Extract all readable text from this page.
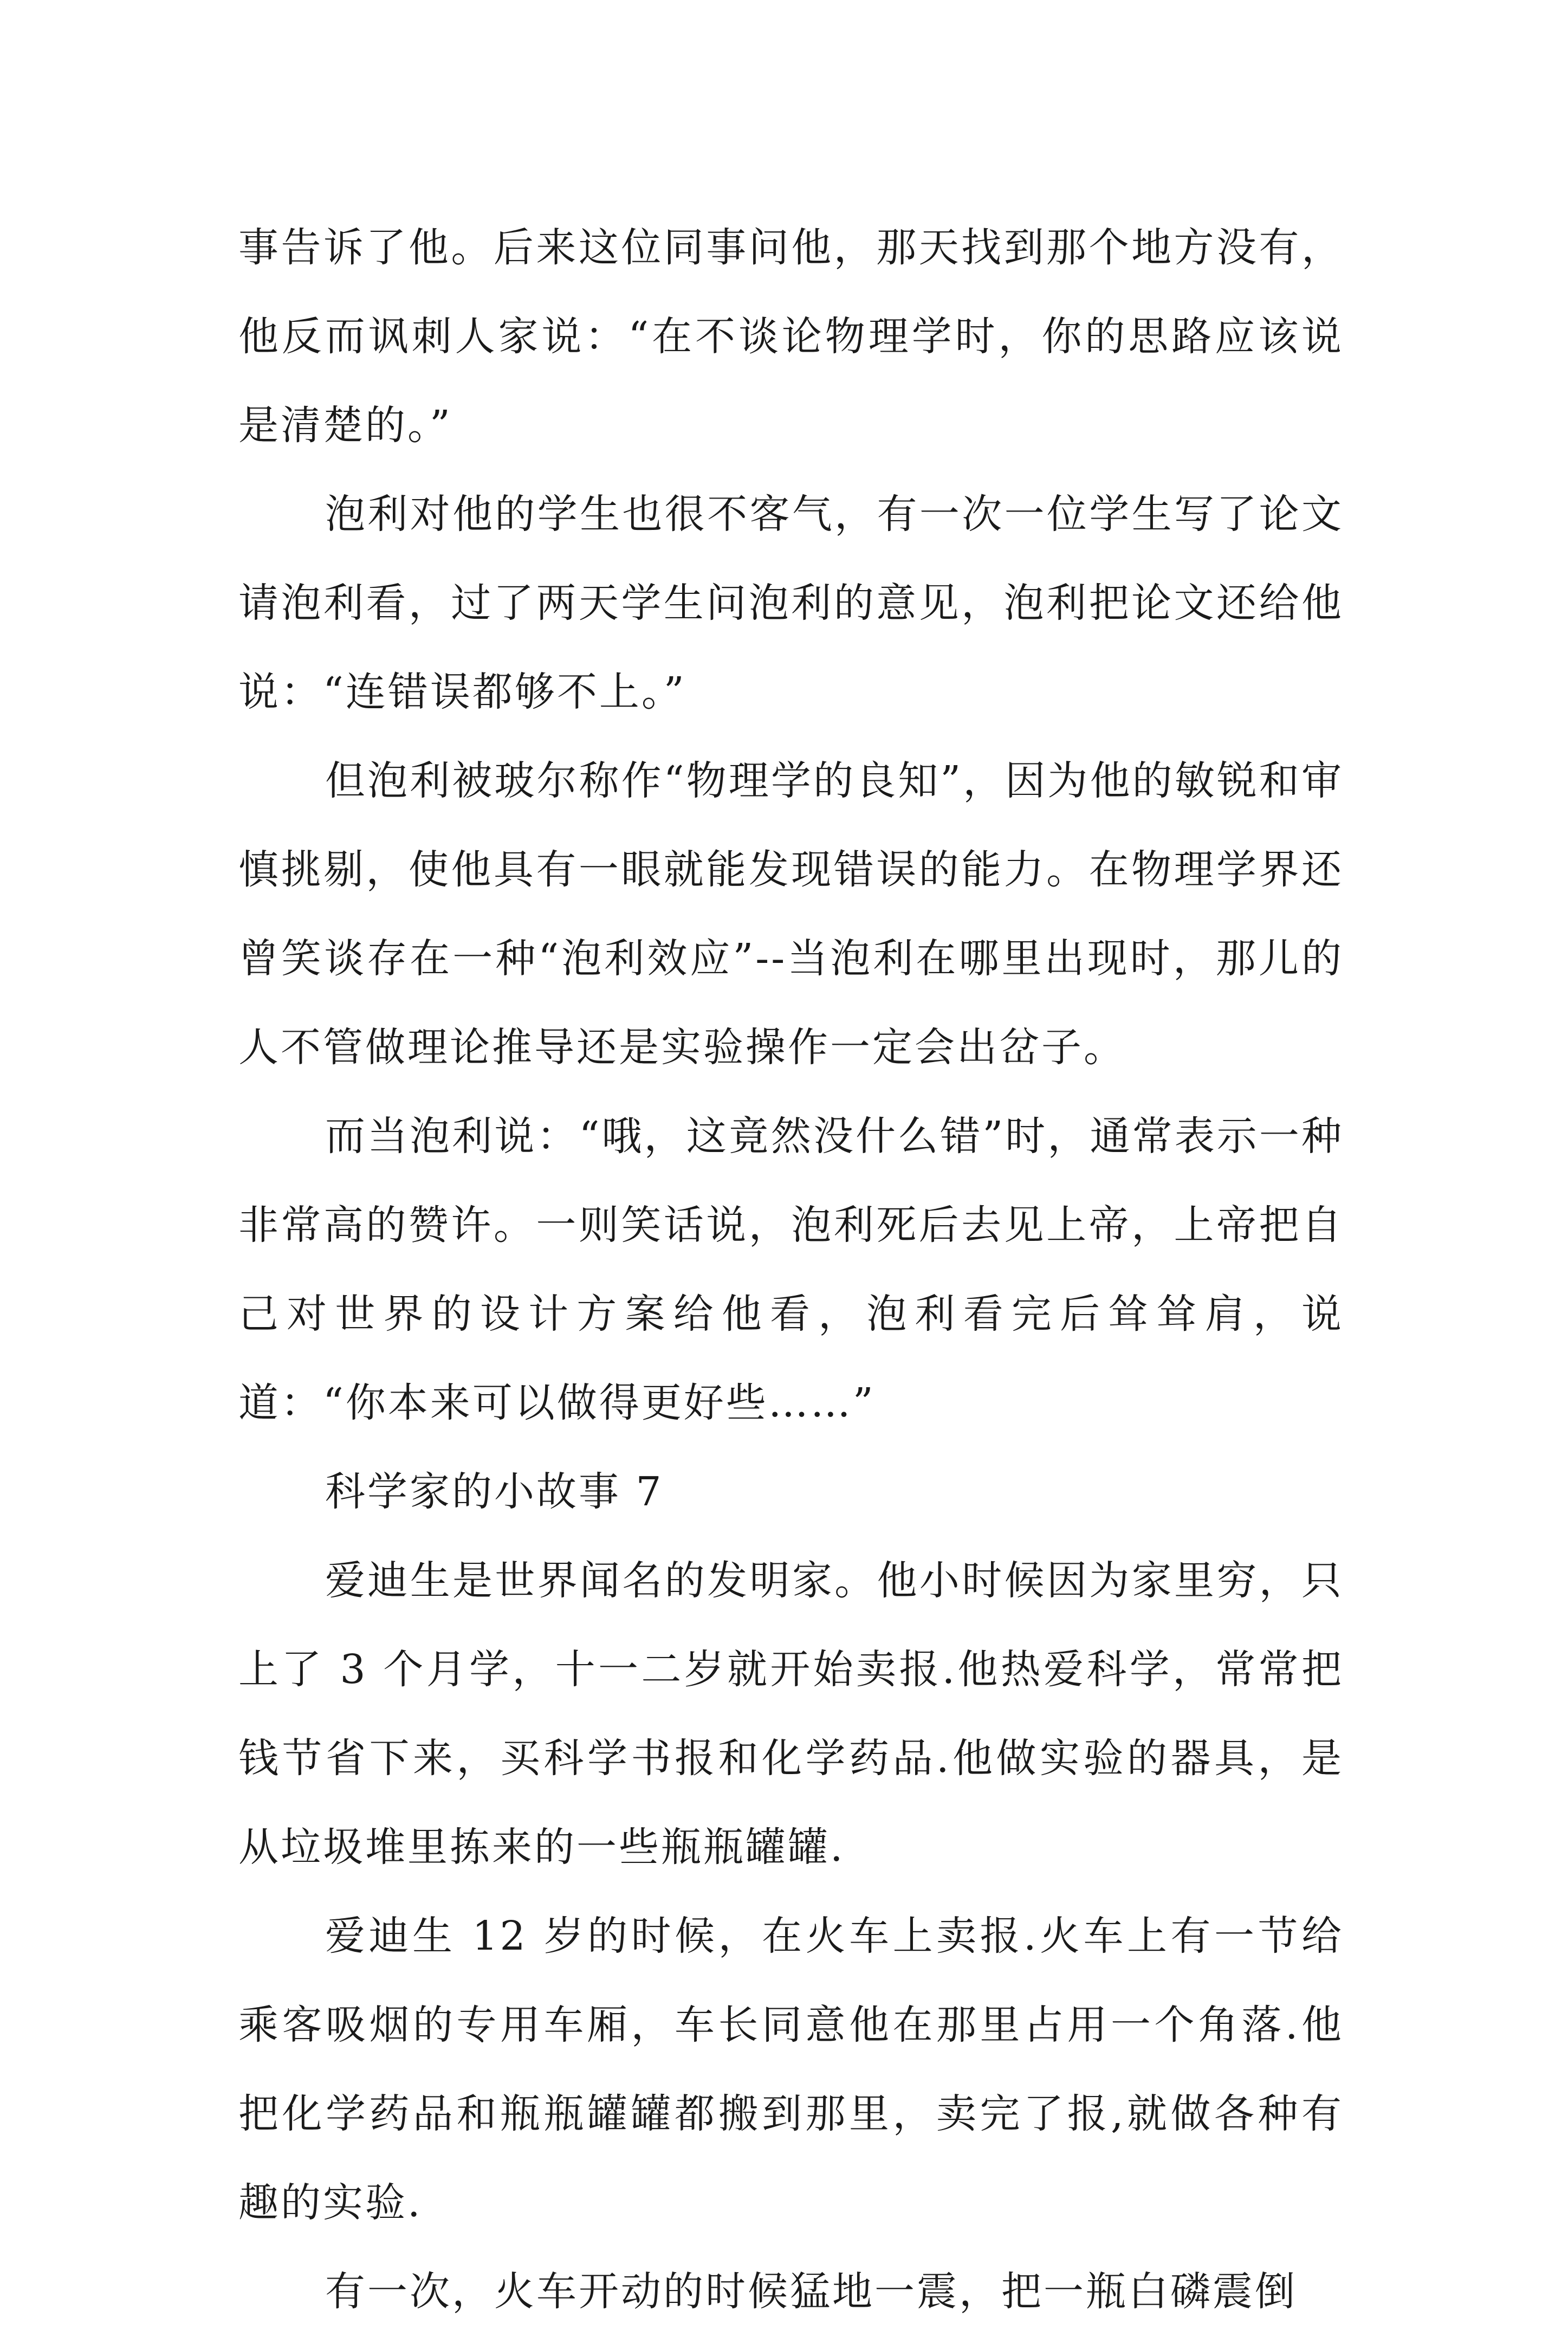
事告诉了他。后来这位同事问他，那天找到那个地方没有，他反而讽刺人家说：“在不谈论物理学时，你的思路应该说是清楚的。”

泡利对他的学生也很不客气，有一次一位学生写了论文请泡利看，过了两天学生问泡利的意见，泡利把论文还给他说：“连错误都够不上。”

但泡利被玻尔称作“物理学的良知”，因为他的敏锐和审慎挑剔，使他具有一眼就能发现错误的能力。在物理学界还曾笑谈存在一种“泡利效应”--当泡利在哪里出现时，那儿的人不管做理论推导还是实验操作一定会出岔子。

而当泡利说：“哦，这竟然没什么错”时，通常表示一种非常高的赞许。一则笑话说，泡利死后去见上帝，上帝把自己对世界的设计方案给他看，泡利看完后耸耸肩，说道：“你本来可以做得更好些……”

科学家的小故事 7

爱迪生是世界闻名的发明家。他小时候因为家里穷，只上了 3 个月学，十一二岁就开始卖报.他热爱科学，常常把钱节省下来，买科学书报和化学药品.他做实验的器具，是从垃圾堆里拣来的一些瓶瓶罐罐.

爱迪生 12 岁的时候，在火车上卖报.火车上有一节给乘客吸烟的专用车厢，车长同意他在那里占用一个角落.他把化学药品和瓶瓶罐罐都搬到那里，卖完了报,就做各种有趣的实验.

有一次，火车开动的时候猛地一震，把一瓶白磷震倒
